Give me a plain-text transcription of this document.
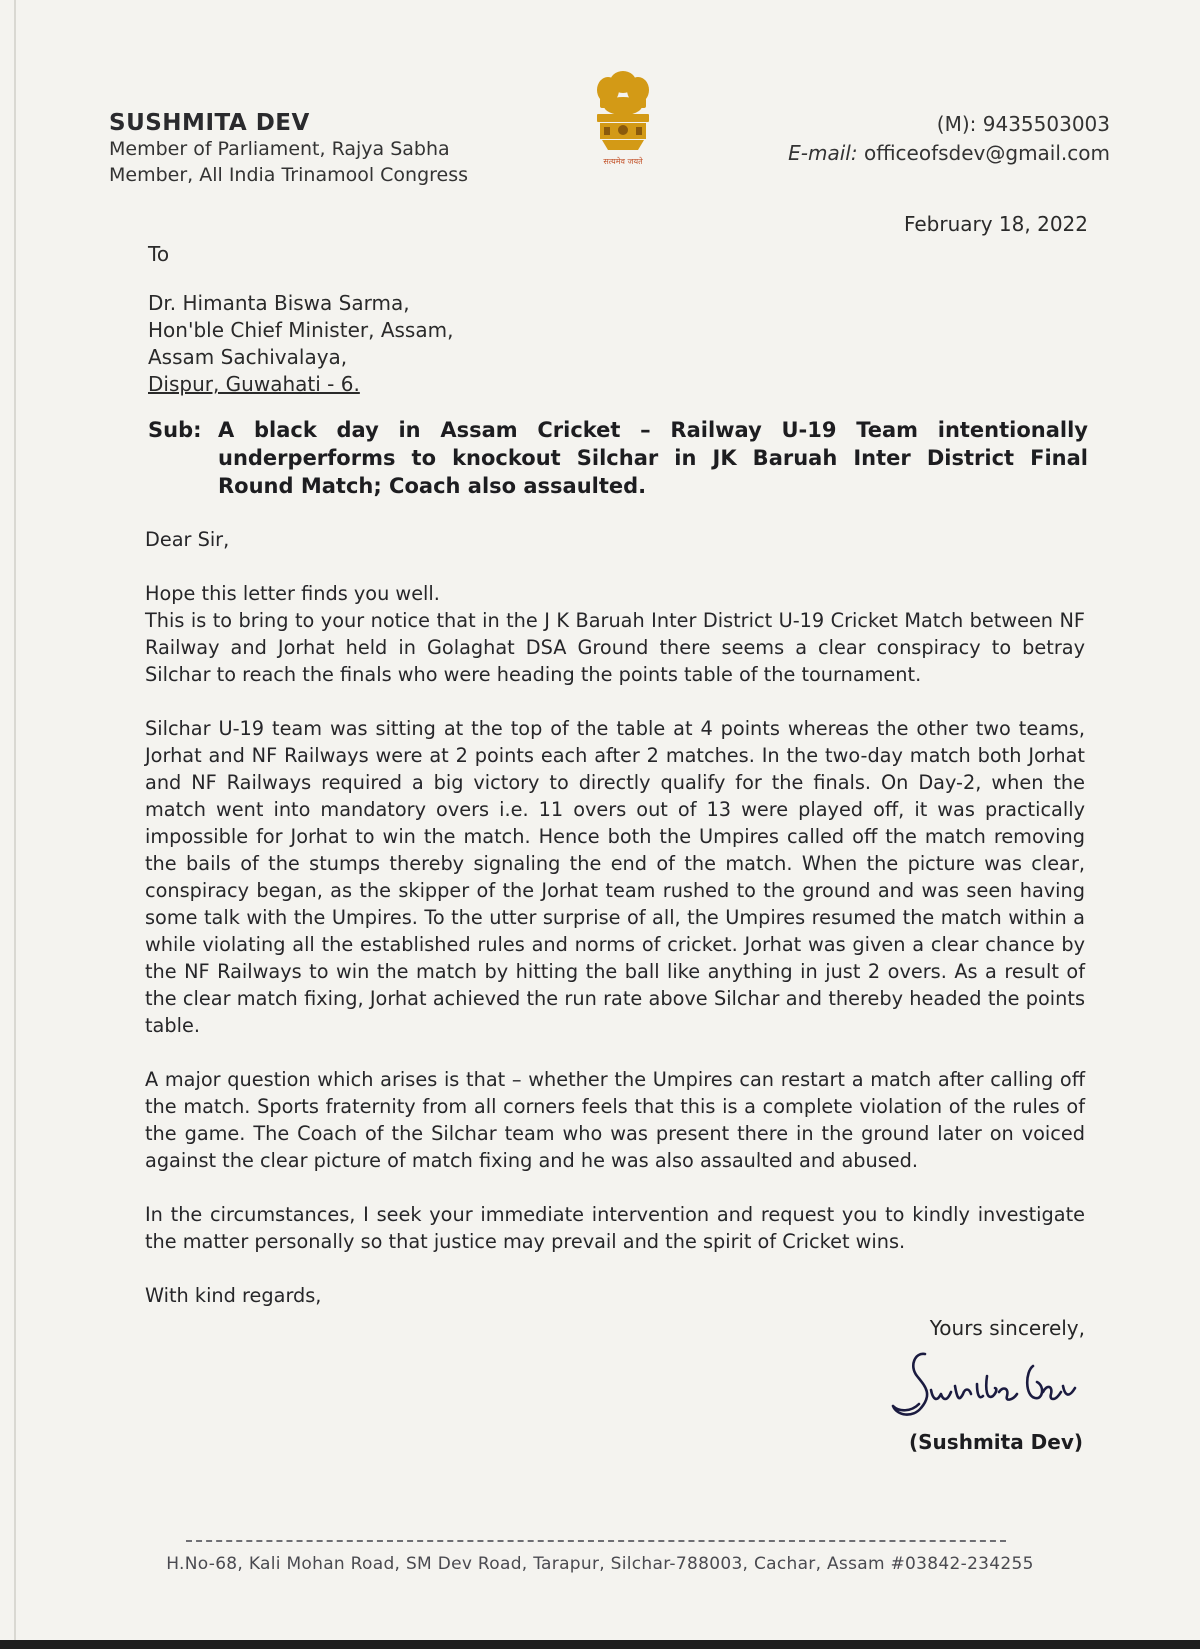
SUSHMITA DEV
Member of Parliament, Rajya Sabha
Member, All India Trinamool Congress
सत्यमेव जयते
(M): 9435503003
E-mail: officeofsdev@gmail.com
February 18, 2022
To
Dr. Himanta Biswa Sarma,
Hon'ble Chief Minister, Assam,
Assam Sachivalaya,
Dispur, Guwahati - 6.
Sub: A black day in Assam Cricket – Railway U-19 Team intentionally underperforms to knockout Silchar in JK Baruah Inter District Final Round Match; Coach also assaulted.

Dear Sir,

Hope this letter finds you well.

This is to bring to your notice that in the J K Baruah Inter District U-19 Cricket Match between NF Railway and Jorhat held in Golaghat DSA Ground there seems a clear conspiracy to betray Silchar to reach the finals who were heading the points table of the tournament.

Silchar U-19 team was sitting at the top of the table at 4 points whereas the other two teams, Jorhat and NF Railways were at 2 points each after 2 matches. In the two-day match both Jorhat and NF Railways required a big victory to directly qualify for the finals. On Day-2, when the match went into mandatory overs i.e. 11 overs out of 13 were played off, it was practically impossible for Jorhat to win the match. Hence both the Umpires called off the match removing the bails of the stumps thereby signaling the end of the match. When the picture was clear, conspiracy began, as the skipper of the Jorhat team rushed to the ground and was seen having some talk with the Umpires. To the utter surprise of all, the Umpires resumed the match within a while violating all the established rules and norms of cricket. Jorhat was given a clear chance by the NF Railways to win the match by hitting the ball like anything in just 2 overs. As a result of the clear match fixing, Jorhat achieved the run rate above Silchar and thereby headed the points table.

A major question which arises is that – whether the Umpires can restart a match after calling off the match. Sports fraternity from all corners feels that this is a complete violation of the rules of the game. The Coach of the Silchar team who was present there in the ground later on voiced against the clear picture of match fixing and he was also assaulted and abused.

In the circumstances, I seek your immediate intervention and request you to kindly investigate the matter personally so that justice may prevail and the spirit of Cricket wins.

With kind regards,

Yours sincerely,
(Sushmita Dev)
H.No-68, Kali Mohan Road, SM Dev Road, Tarapur, Silchar-788003, Cachar, Assam #03842-234255
